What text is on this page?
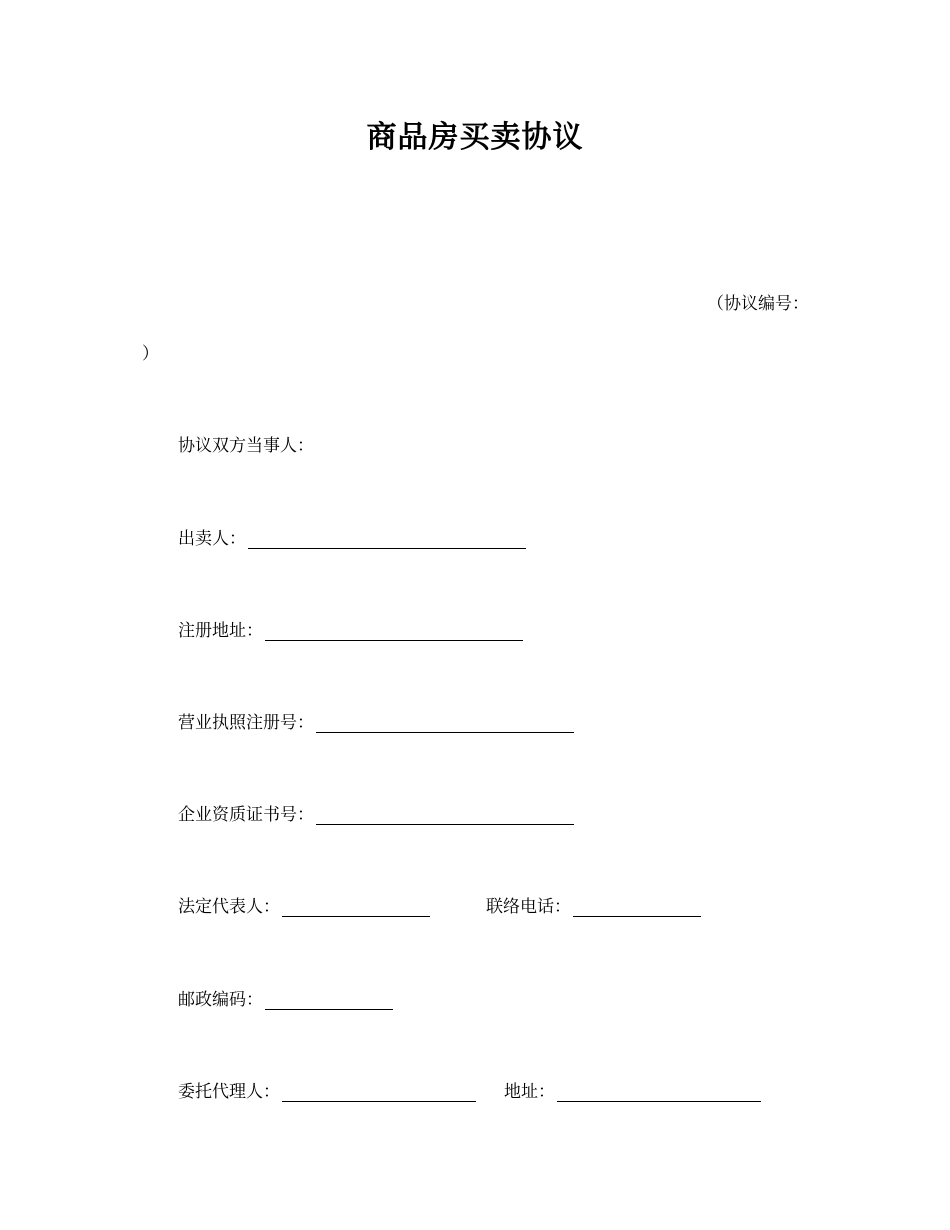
商品房买卖协议
（协议编号：
）
协议双方当事人：
出卖人：
注册地址：
营业执照注册号：
企业资质证书号：
法定代表人：	联络电话：
邮政编码：
委托代理人：	地址：
